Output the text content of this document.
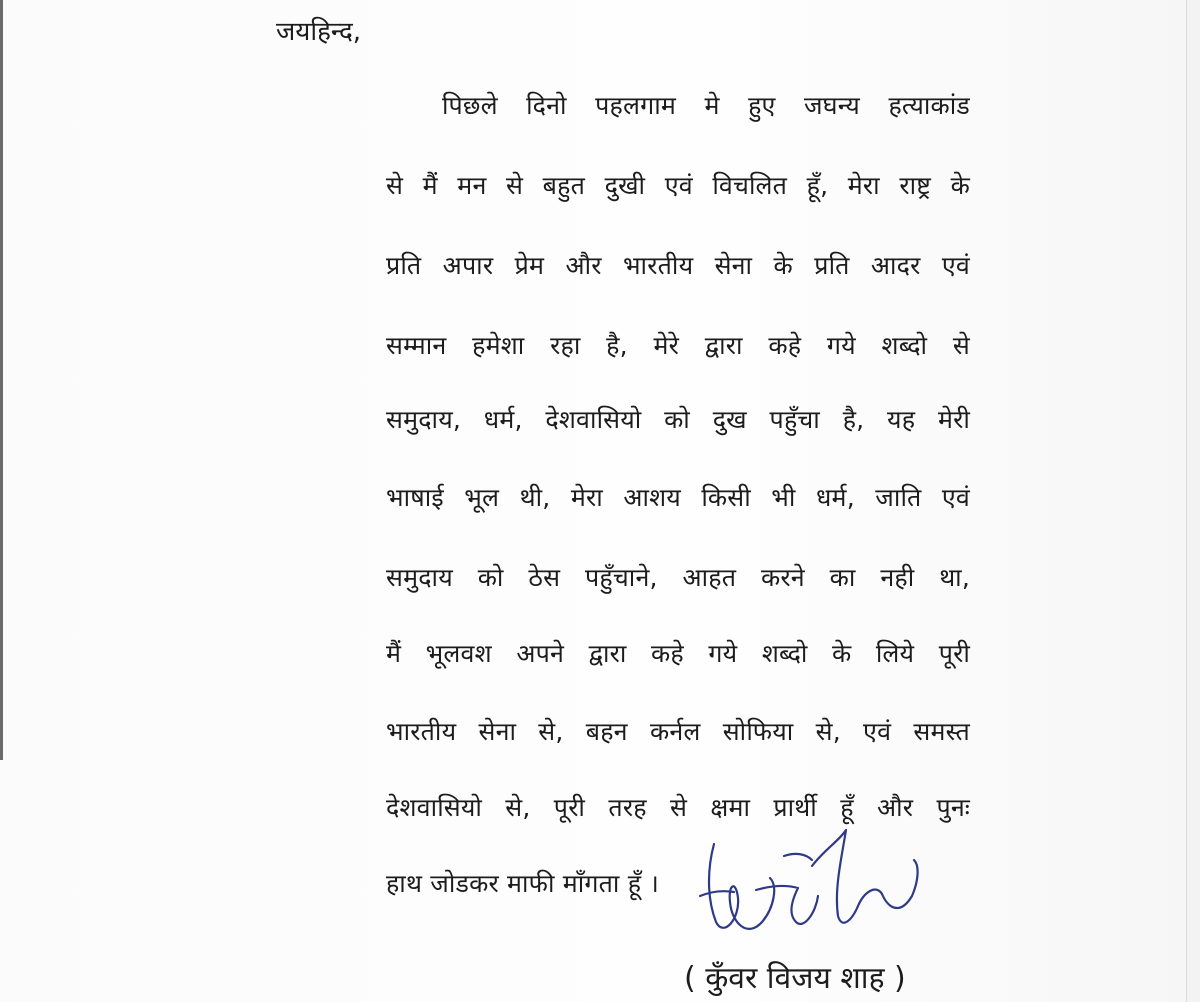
जयहिन्द,
पिछले दिनो पहलगाम मे हुए जघन्य हत्याकांड
से मैं मन से बहुत दुखी एवं विचलित हूँ, मेरा राष्ट्र के
प्रति अपार प्रेम और भारतीय सेना के प्रति आदर एवं
सम्मान हमेशा रहा है, मेरे द्वारा कहे गये शब्दो से
समुदाय, धर्म, देशवासियो को दुख पहुँचा है, यह मेरी
भाषाई भूल थी, मेरा आशय किसी भी धर्म, जाति एवं
समुदाय को ठेस पहुँचाने, आहत करने का नही था,
मैं भूलवश अपने द्वारा कहे गये शब्दो के लिये पूरी
भारतीय सेना से, बहन कर्नल सोफिया से, एवं समस्त
देशवासियो से, पूरी तरह से क्षमा प्रार्थी हूँ और पुनः
हाथ जोडकर माफी माँगता हूँ ।
( कुँवर विजय शाह )
